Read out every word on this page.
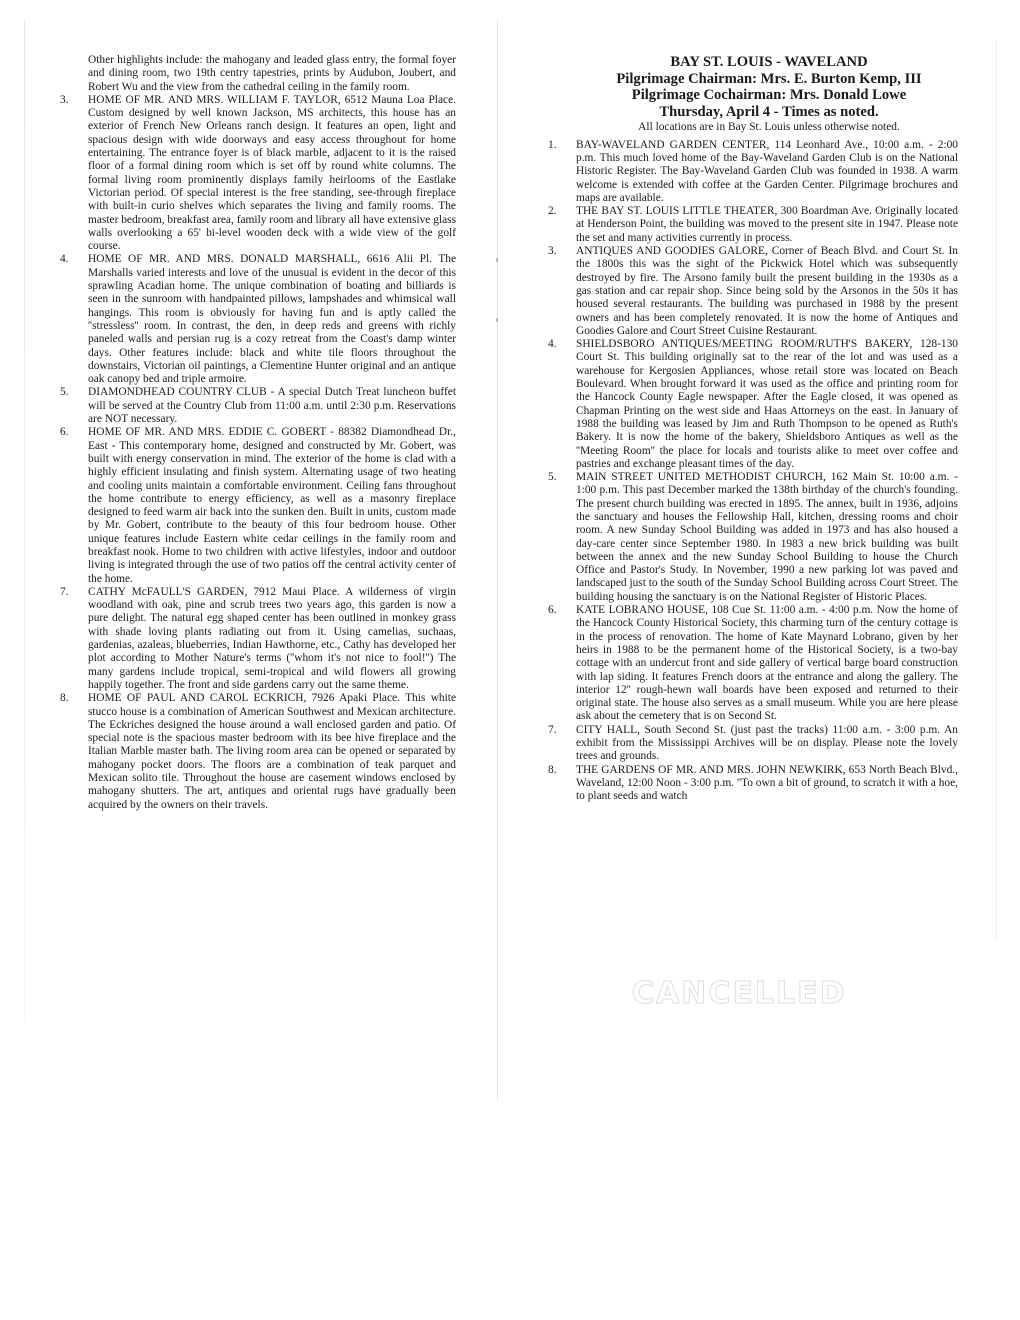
Other highlights include: the mahogany and leaded glass entry, the formal foyer and dining room, two 19th centry tapestries, prints by Audubon, Joubert, and Robert Wu and the view from the cathedral ceiling in the family room.
3.	HOME OF MR. AND MRS. WILLIAM F. TAYLOR, 6512 Mauna Loa Place. Custom designed by well known Jackson, MS architects, this house has an exterior of French New Orleans ranch design. It features an open, light and spacious design with wide doorways and easy access throughout for home entertaining. The entrance foyer is of black marble, adjacent to it is the raised floor of a formal dining room which is set off by round white columns. The formal living room prominently displays family heirlooms of the Eastlake Victorian period. Of special interest is the free standing, see-through fireplace with built-in curio shelves which separates the living and family rooms. The master bedroom, breakfast area, family room and library all have extensive glass walls overlooking a 65' bi-level wooden deck with a wide view of the golf course.
4.	HOME OF MR. AND MRS. DONALD MARSHALL, 6616 Alii Pl. The Marshalls varied interests and love of the unusual is evident in the decor of this sprawling Acadian home. The unique combination of boating and billiards is seen in the sunroom with handpainted pillows, lampshades and whimsical wall hangings. This room is obviously for having fun and is aptly called the ''stressless'' room. In contrast, the den, in deep reds and greens with richly paneled walls and persian rug is a cozy retreat from the Coast's damp winter days. Other features include: black and white tile floors throughout the downstairs, Victorian oil paintings, a Clementine Hunter original and an antique oak canopy bed and triple armoire.
5.	DIAMONDHEAD COUNTRY CLUB - A special Dutch Treat luncheon buffet will be served at the Country Club from 11:00 a.m. until 2:30 p.m. Reservations are NOT necessary.
6.	HOME OF MR. AND MRS. EDDIE C. GOBERT - 88382 Diamondhead Dr., East - This contemporary home, designed and constructed by Mr. Gobert, was built with energy conservation in mind. The exterior of the home is clad with a highly efficient insulating and finish system. Alternating usage of two heating and cooling units maintain a comfortable environment. Ceiling fans throughout the home contribute to energy efficiency, as well as a masonry fireplace designed to feed warm air back into the sunken den. Built in units, custom made by Mr. Gobert, contribute to the beauty of this four bedroom house. Other unique features include Eastern white cedar ceilings in the family room and breakfast nook. Home to two children with active lifestyles, indoor and outdoor living is integrated through the use of two patios off the central activity center of the home.
7.	CATHY McFAULL'S GARDEN, 7912 Maui Place. A wilderness of virgin woodland with oak, pine and scrub trees two years ago, this garden is now a pure delight. The natural egg shaped center has been outlined in monkey grass with shade loving plants radiating out from it. Using camelias, suchaas, gardenias, azaleas, blueberries, Indian Hawthorne, etc., Cathy has developed her plot according to Mother Nature's terms (''whom it's not nice to fool!'') The many gardens include tropical, semi-tropical and wild flowers all growing happily together. The front and side gardens carry out the same theme.
8.	HOME OF PAUL AND CAROL ECKRICH, 7926 Apaki Place. This white stucco house is a combination of American Southwest and Mexican architecture. The Eckriches designed the house around a wall enclosed garden and patio. Of special note is the spacious master bedroom with its bee hive fireplace and the Italian Marble master bath. The living room area can be opened or separated by mahogany pocket doors. The floors are a combination of teak parquet and Mexican solito tile. Throughout the house are casement windows enclosed by mahogany shutters. The art, antiques and oriental rugs have gradually been acquired by the owners on their travels.
BAY ST. LOUIS - WAVELAND
Pilgrimage Chairman: Mrs. E. Burton Kemp, III
Pilgrimage Cochairman: Mrs. Donald Lowe
Thursday, April 4 - Times as noted.
All locations are in Bay St. Louis unless otherwise noted.
1.	BAY-WAVELAND GARDEN CENTER, 114 Leonhard Ave., 10:00 a.m. - 2:00 p.m. This much loved home of the Bay-Waveland Garden Club is on the National Historic Register. The Bay-Waveland Garden Club was founded in 1938. A warm welcome is extended with coffee at the Garden Center. Pilgrimage brochures and maps are available.
2.	THE BAY ST. LOUIS LITTLE THEATER, 300 Boardman Ave. Originally located at Henderson Point, the building was moved to the present site in 1947. Please note the set and many activities currently in process.
3.	ANTIQUES AND GOODIES GALORE, Corner of Beach Blvd. and Court St. In the 1800s this was the sight of the Pickwick Hotel which was subsequently destroyed by fire. The Arsono family built the present building in the 1930s as a gas station and car repair shop. Since being sold by the Arsonos in the 50s it has housed several restaurants. The building was purchased in 1988 by the present owners and has been completely renovated. It is now the home of Antiques and Goodies Galore and Court Street Cuisine Restaurant.
4.	SHIELDSBORO ANTIQUES/MEETING ROOM/RUTH'S BAKERY, 128-130 Court St. This building originally sat to the rear of the lot and was used as a warehouse for Kergosien Appliances, whose retail store was located on Beach Boulevard. When brought forward it was used as the office and printing room for the Hancock County Eagle newspaper. After the Eagle closed, it was opened as Chapman Printing on the west side and Haas Attorneys on the east. In January of 1988 the building was leased by Jim and Ruth Thompson to be opened as Ruth's Bakery. It is now the home of the bakery, Shieldsboro Antiques as well as the ''Meeting Room'' the place for locals and tourists alike to meet over coffee and pastries and exchange pleasant times of the day.
5.	MAIN STREET UNITED METHODIST CHURCH, 162 Main St. 10:00 a.m. - 1:00 p.m. This past December marked the 138th birthday of the church's founding. The present church building was erected in 1895. The annex, built in 1936, adjoins the sanctuary and houses the Fellowship Hall, kitchen, dressing rooms and choir room. A new Sunday School Building was added in 1973 and has also housed a day-care center since September 1980. In 1983 a new brick building was built between the annex and the new Sunday School Building to house the Church Office and Pastor's Study. In November, 1990 a new parking lot was paved and landscaped just to the south of the Sunday School Building across Court Street. The building housing the sanctuary is on the National Register of Historic Places.
6.	KATE LOBRANO HOUSE, 108 Cue St. 11:00 a.m. - 4:00 p.m. Now the home of the Hancock County Historical Society, this charming turn of the century cottage is in the process of renovation. The home of Kate Maynard Lobrano, given by her heirs in 1988 to be the permanent home of the Historical Society, is a two-bay cottage with an undercut front and side gallery of vertical barge board construction with lap siding. It features French doors at the entrance and along the gallery. The interior 12'' rough-hewn wall boards have been exposed and returned to their original state. The house also serves as a small museum. While you are here please ask about the cemetery that is on Second St.
7.	CITY HALL, South Second St. (just past the tracks) 11:00 a.m. - 3:00 p.m. An exhibit from the Mississippi Archives will be on display. Please note the lovely trees and grounds.
8.	THE GARDENS OF MR. AND MRS. JOHN NEWKIRK, 653 North Beach Blvd., Waveland, 12:00 Noon - 3:00 p.m. ''To own a bit of ground, to scratch it with a hoe, to plant seeds and watch
CANCELLED
